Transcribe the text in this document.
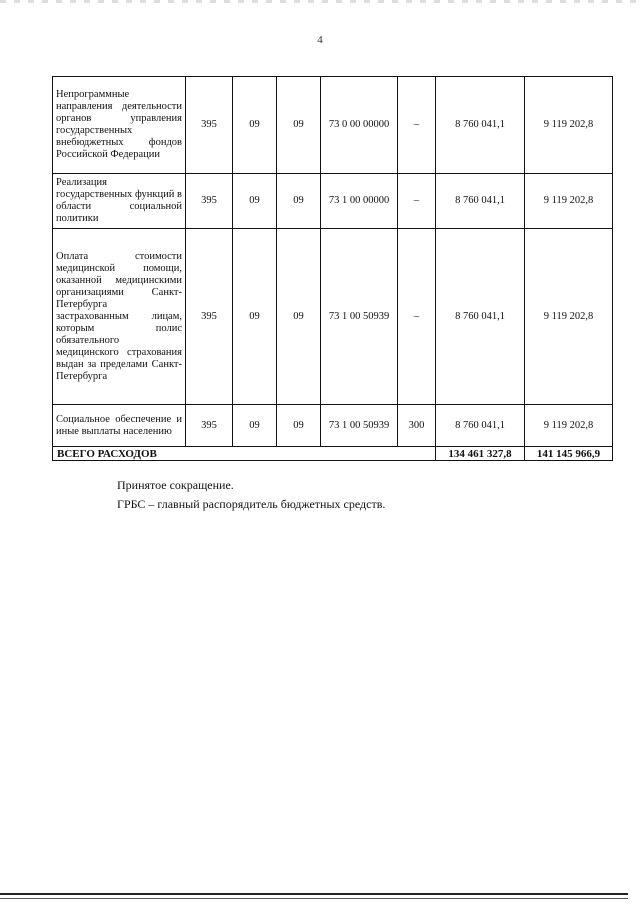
4
Непрограммные направления деятельности органов управления государственных внебюджетных фондов Российской Федерации	395	09	09	73 0 00 00000	–	8 760 041,1	9 119 202,8
Реализация государственных функций в области социальной политики	395	09	09	73 1 00 00000	–	8 760 041,1	9 119 202,8
Оплата стоимости медицинской помощи, оказанной медицинскими организациями Санкт-Петербурга застрахованным лицам, которым полис обязательного медицинского страхования выдан за пределами Санкт-Петербурга	395	09	09	73 1 00 50939	–	8 760 041,1	9 119 202,8
Социальное обеспечение и иные выплаты населению	395	09	09	73 1 00 50939	300	8 760 041,1	9 119 202,8
ВСЕГО РАСХОДОВ						134 461 327,8	141 145 966,9
Принятое сокращение.
ГРБС – главный распорядитель бюджетных средств.
